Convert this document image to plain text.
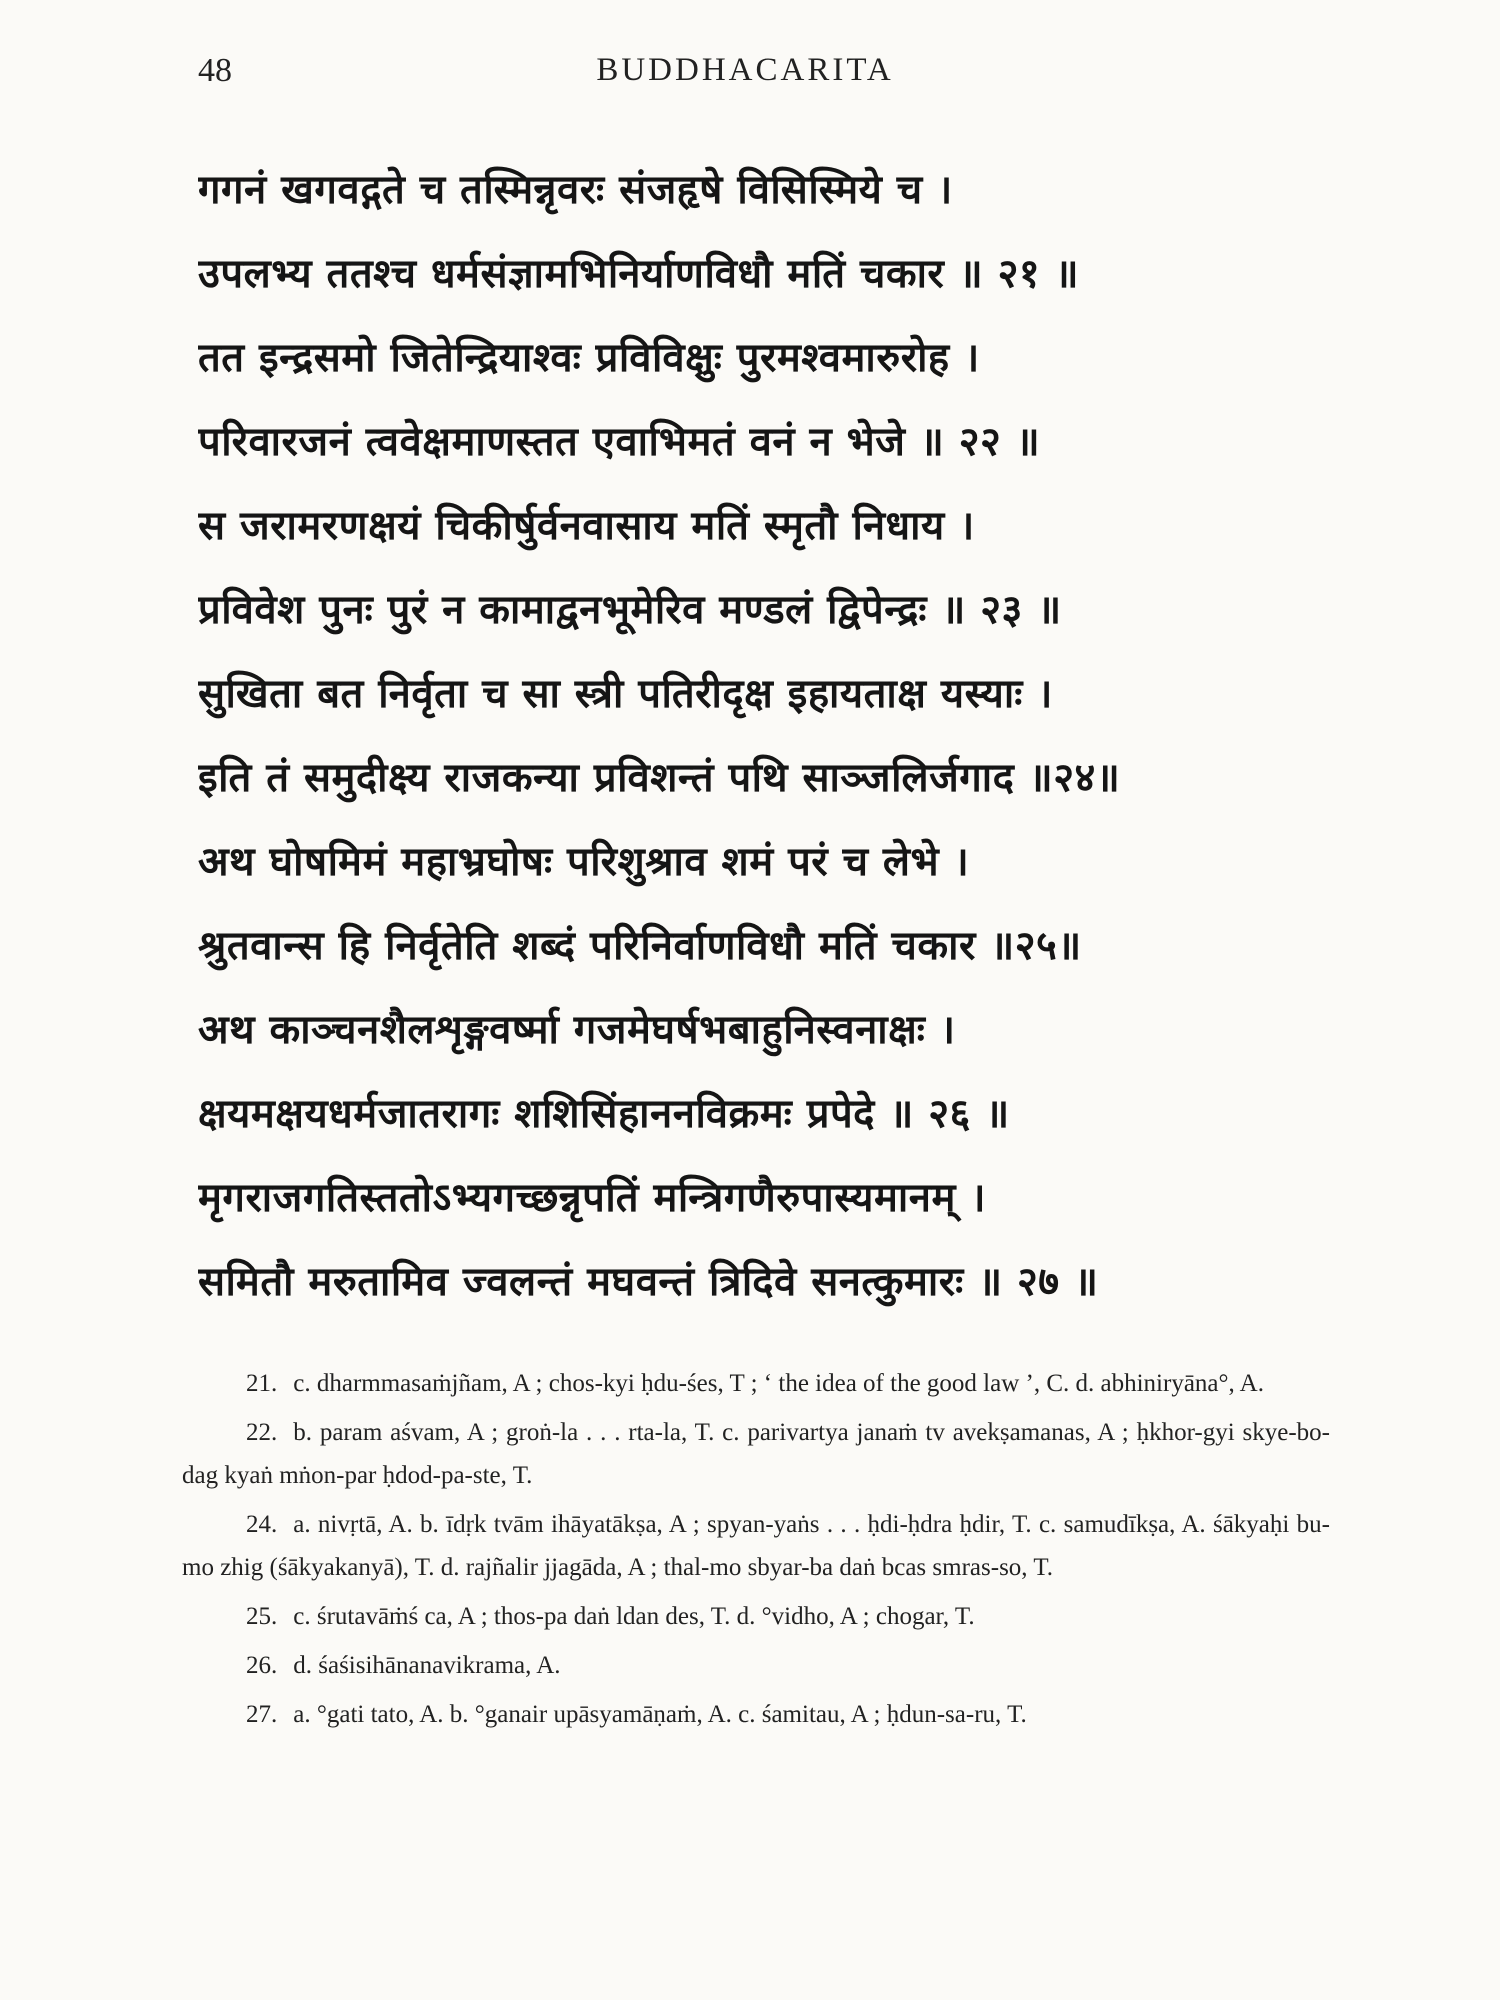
48	BUDDHACARITA
गगनं खगवद्गते च तस्मिन्नृवरः संजहृषे विसिस्मिये च ।
उपलभ्य ततश्च धर्मसंज्ञामभिनिर्याणविधौ मतिं चकार ॥ २१ ॥
तत इन्द्रसमो जितेन्द्रियाश्वः प्रविविक्षुः पुरमश्वमारुरोह ।
परिवारजनं त्ववेक्षमाणस्तत एवाभिमतं वनं न भेजे ॥ २२ ॥
स जरामरणक्षयं चिकीर्षुर्वनवासाय मतिं स्मृतौ निधाय ।
प्रविवेश पुनः पुरं न कामाद्वनभूमेरिव मण्डलं द्विपेन्द्रः ॥ २३ ॥
सुखिता बत निर्वृता च सा स्त्री पतिरीदृक्ष इहायताक्ष यस्याः ।
इति तं समुदीक्ष्य राजकन्या प्रविशन्तं पथि साञ्जलिर्जगाद ॥२४॥
अथ घोषमिमं महाभ्रघोषः परिशुश्राव शमं परं च लेभे ।
श्रुतवान्स हि निर्वृतेति शब्दं परिनिर्वाणविधौ मतिं चकार ॥२५॥
अथ काञ्चनशैलशृङ्गवर्ष्मा गजमेघर्षभबाहुनिस्वनाक्षः ।
क्षयमक्षयधर्मजातरागः शशिसिंहाननविक्रमः प्रपेदे ॥ २६ ॥
मृगराजगतिस्ततोऽभ्यगच्छन्नृपतिं मन्त्रिगणैरुपास्यमानम् ।
समितौ मरुतामिव ज्वलन्तं मघवन्तं त्रिदिवे सनत्कुमारः ॥ २७ ॥

21. c. dharmmasaṁjñam, A ; chos-kyi ḥdu-śes, T ; ‘ the idea of the good law ’, C. d. abhiniryāna°, A.

22. b. param aśvam, A ; groṅ-la . . . rta-la, T. c. parivartya janaṁ tv avekṣamanas, A ; ḥkhor-gyi skye-bo-dag kyaṅ mṅon-par ḥdod-pa-ste, T.

24. a. nivṛtā, A. b. īdṛk tvām ihāyatākṣa, A ; spyan-yaṅs . . . ḥdi-ḥdra ḥdir, T. c. samudīkṣa, A. śākyaḥi bu-mo zhig (śākyakanyā), T. d. rajñalir jjagāda, A ; thal-mo sbyar-ba daṅ bcas smras-so, T.

25. c. śrutavāṁś ca, A ; thos-pa daṅ ldan des, T. d. °vidho, A ; chogar, T.

26. d. śaśisihānanavikrama, A.

27. a. °gati tato, A. b. °ganair upāsyamāṇaṁ, A. c. śamitau, A ; ḥdun-sa-ru, T.
